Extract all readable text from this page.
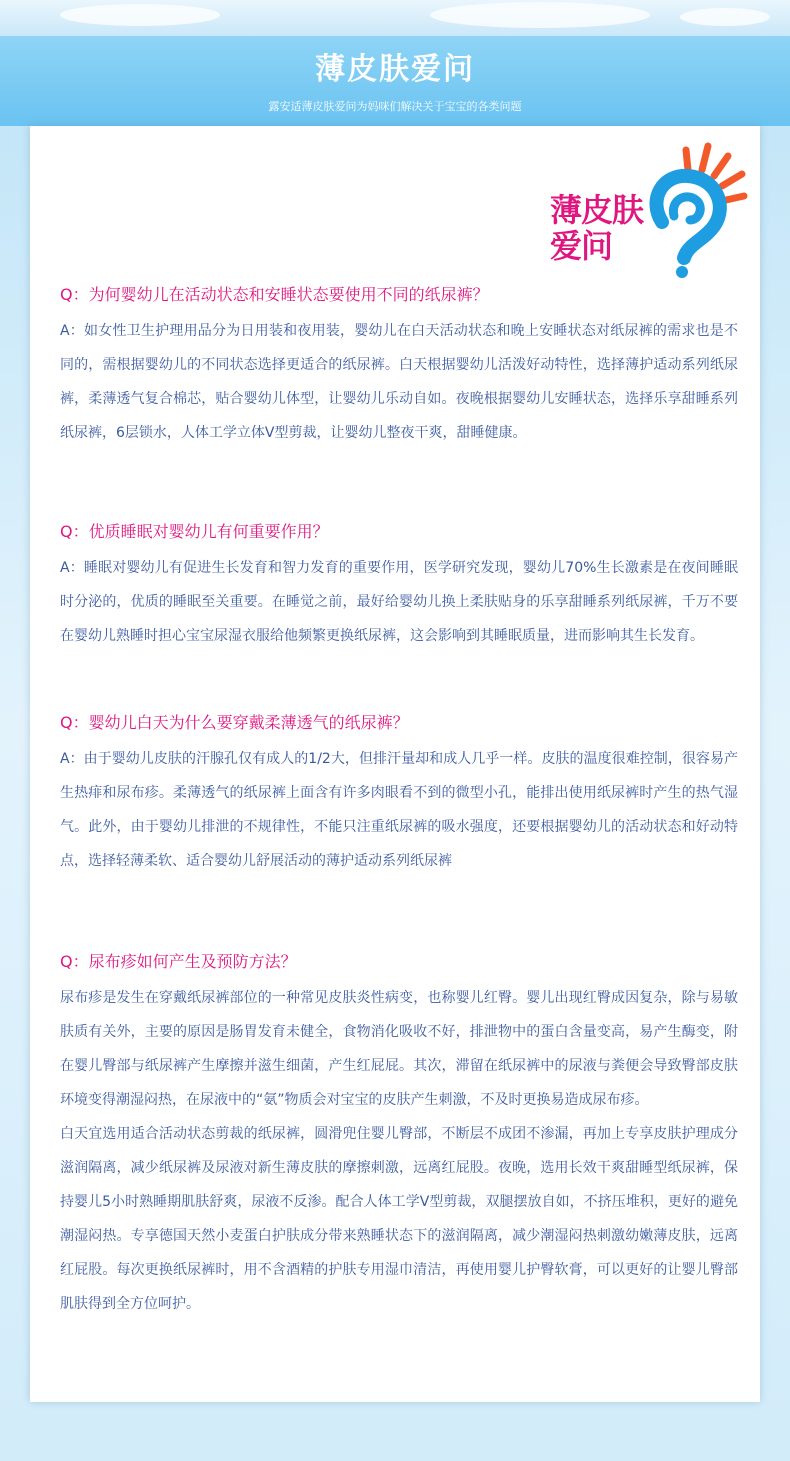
薄皮肤爱问
露安适薄皮肤爱问为妈咪们解决关于宝宝的各类问题
薄皮肤
爱问

Q：为何婴幼儿在活动状态和安睡状态要使用不同的纸尿裤？

A：如女性卫生护理用品分为日用装和夜用装，婴幼儿在白天活动状态和晚上安睡状态对纸尿裤的需求也是不同的，需根据婴幼儿的不同状态选择更适合的纸尿裤。白天根据婴幼儿活泼好动特性，选择薄护适动系列纸尿裤，柔薄透气复合棉芯，贴合婴幼儿体型，让婴幼儿乐动自如。夜晚根据婴幼儿安睡状态，选择乐享甜睡系列纸尿裤，6层锁水，人体工学立体V型剪裁，让婴幼儿整夜干爽，甜睡健康。

Q：优质睡眠对婴幼儿有何重要作用？

A：睡眠对婴幼儿有促进生长发育和智力发育的重要作用，医学研究发现，婴幼儿70%生长激素是在夜间睡眠时分泌的，优质的睡眠至关重要。在睡觉之前，最好给婴幼儿换上柔肤贴身的乐享甜睡系列纸尿裤，千万不要在婴幼儿熟睡时担心宝宝尿湿衣服给他频繁更换纸尿裤，这会影响到其睡眠质量，进而影响其生长发育。

Q：婴幼儿白天为什么要穿戴柔薄透气的纸尿裤？

A：由于婴幼儿皮肤的汗腺孔仅有成人的1/2大，但排汗量却和成人几乎一样。皮肤的温度很难控制，很容易产生热痱和尿布疹。柔薄透气的纸尿裤上面含有许多肉眼看不到的微型小孔，能排出使用纸尿裤时产生的热气湿气。此外，由于婴幼儿排泄的不规律性，不能只注重纸尿裤的吸水强度，还要根据婴幼儿的活动状态和好动特点，选择轻薄柔软、适合婴幼儿舒展活动的薄护适动系列纸尿裤

Q：尿布疹如何产生及预防方法？

尿布疹是发生在穿戴纸尿裤部位的一种常见皮肤炎性病变，也称婴儿红臀。婴儿出现红臀成因复杂，除与易敏肤质有关外，主要的原因是肠胃发育未健全，食物消化吸收不好，排泄物中的蛋白含量变高，易产生酶变，附在婴儿臀部与纸尿裤产生摩擦并滋生细菌，产生红屁屁。其次，滞留在纸尿裤中的尿液与粪便会导致臀部皮肤环境变得潮湿闷热，在尿液中的“氨”物质会对宝宝的皮肤产生刺激，不及时更换易造成尿布疹。

白天宜选用适合活动状态剪裁的纸尿裤，圆滑兜住婴儿臀部，不断层不成团不渗漏，再加上专享皮肤护理成分滋润隔离，减少纸尿裤及尿液对新生薄皮肤的摩擦刺激，远离红屁股。夜晚，选用长效干爽甜睡型纸尿裤，保持婴儿5小时熟睡期肌肤舒爽，尿液不反渗。配合人体工学V型剪裁，双腿摆放自如，不挤压堆积，更好的避免潮湿闷热。专享德国天然小麦蛋白护肤成分带来熟睡状态下的滋润隔离，减少潮湿闷热刺激幼嫩薄皮肤，远离红屁股。每次更换纸尿裤时，用不含酒精的护肤专用湿巾清洁，再使用婴儿护臀软膏，可以更好的让婴儿臀部肌肤得到全方位呵护。
